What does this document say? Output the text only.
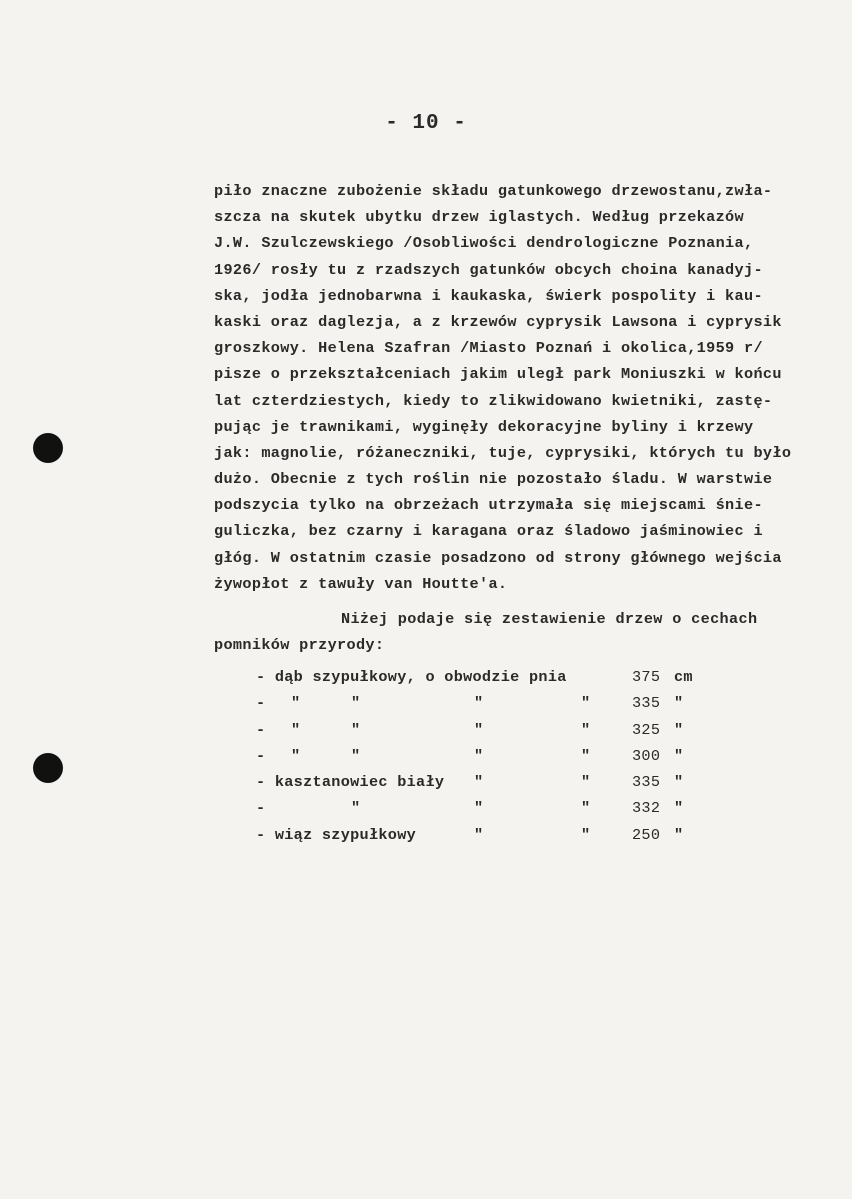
- 10 -
piło znaczne zubożenie składu gatunkowego drzewostanu,zwła-
szcza na skutek ubytku drzew iglastych. Według przekazów
J.W. Szulczewskiego /Osobliwości dendrologiczne Poznania,
1926/ rosły tu z rzadszych gatunków obcych choina kanadyj-
ska, jodła jednobarwna i kaukaska, świerk pospolity i kau-
kaski oraz daglezja, a z krzewów cyprysik Lawsona i cyprysik
groszkowy. Helena Szafran /Miasto Poznań i okolica,1959 r/
pisze o przekształceniach jakim uległ park Moniuszki w końcu
lat czterdziestych, kiedy to zlikwidowano kwietniki, zastę-
pując je trawnikami, wyginęły dekoracyjne byliny i krzewy
jak: magnolie, różaneczniki, tuje, cyprysiki, których tu było
dużo. Obecnie z tych roślin nie pozostało śladu. W warstwie
podszycia tylko na obrzeżach utrzymała się miejscami śnie-
guliczka, bez czarny i karagana oraz śladowo jaśminowiec i
głóg. W ostatnim czasie posadzono od strony głównego wejścia
żywopłot z tawuły van Houtte'a.
Niżej podaje się zestawienie drzew o cechach
pomników przyrody:
- dąb szypułkowy, o obwodzie pnia	375 cm
- "	"	"	"	335 "
- "	"	"	"	325 "
- "	"	"	"	300 "
- kasztanowiec biały "	"	335 "
-	"	"	"	332 "
- wiąz szypułkowy	"	"	250 "
